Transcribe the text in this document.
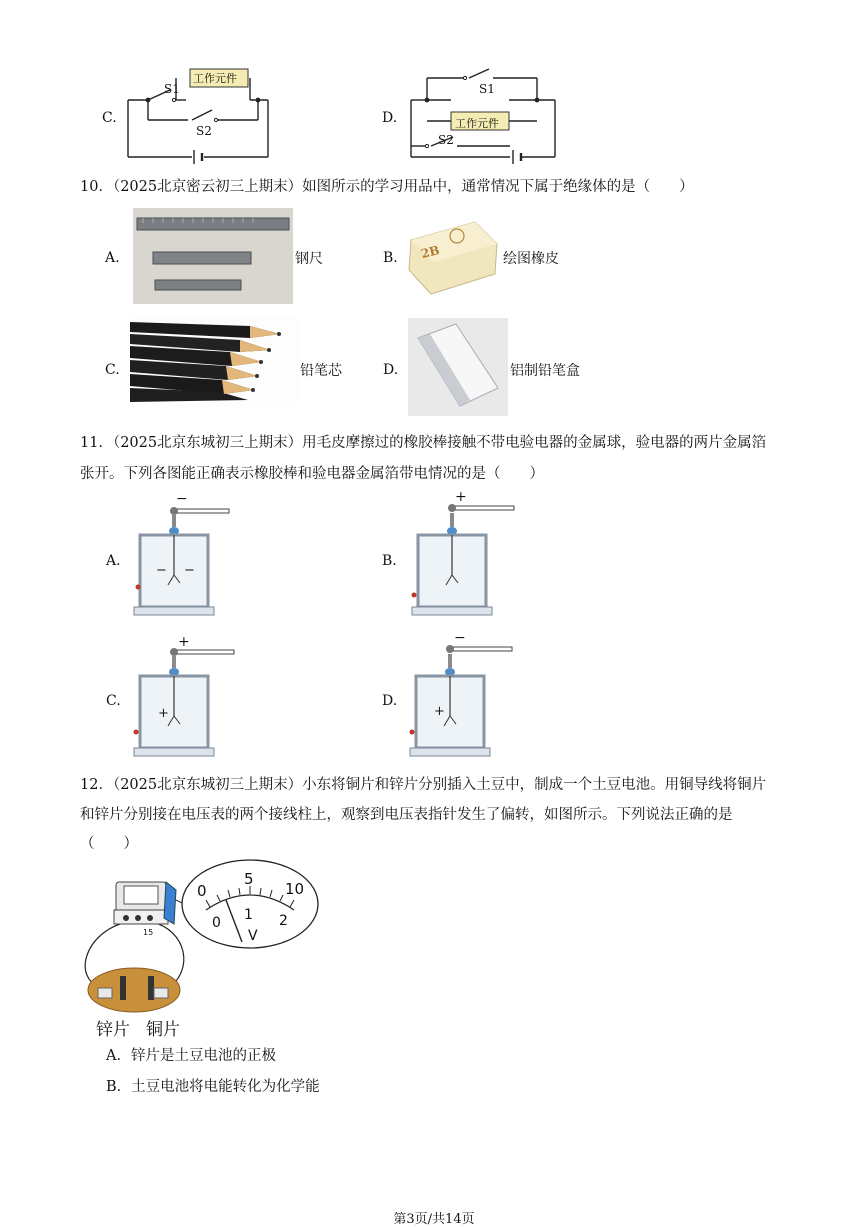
C.
工作元件
S1
S2
D.	工作元件
S1
S2
10．（2025北京密云初三上期末）如图所示的学习用品中，通常情况下属于绝缘体的是（　　）
A.	钢尺	B. 2B	绘图橡皮
C.	铅笔芯	D.	铝制铅笔盒
11．（2025北京东城初三上期末）用毛皮摩擦过的橡胶棒接触不带电验电器的金属球，验电器的两片金属箔
张开。下列各图能正确表示橡胶棒和验电器金属箔带电情况的是（　　）
A.
−
− −
B.
+
C.
+
+
D.
−
+
12．（2025北京东城初三上期末）小东将铜片和锌片分别插入土豆中，制成一个土豆电池。用铜导线将铜片
和锌片分别接在电压表的两个接线柱上，观察到电压表指针发生了偏转，如图所示。下列说法正确的是
（　　）
0
5
10
0 1 2
V
15
锌片 铜片
A．锌片是土豆电池的正极
B．土豆电池将电能转化为化学能
第3页/共14页
